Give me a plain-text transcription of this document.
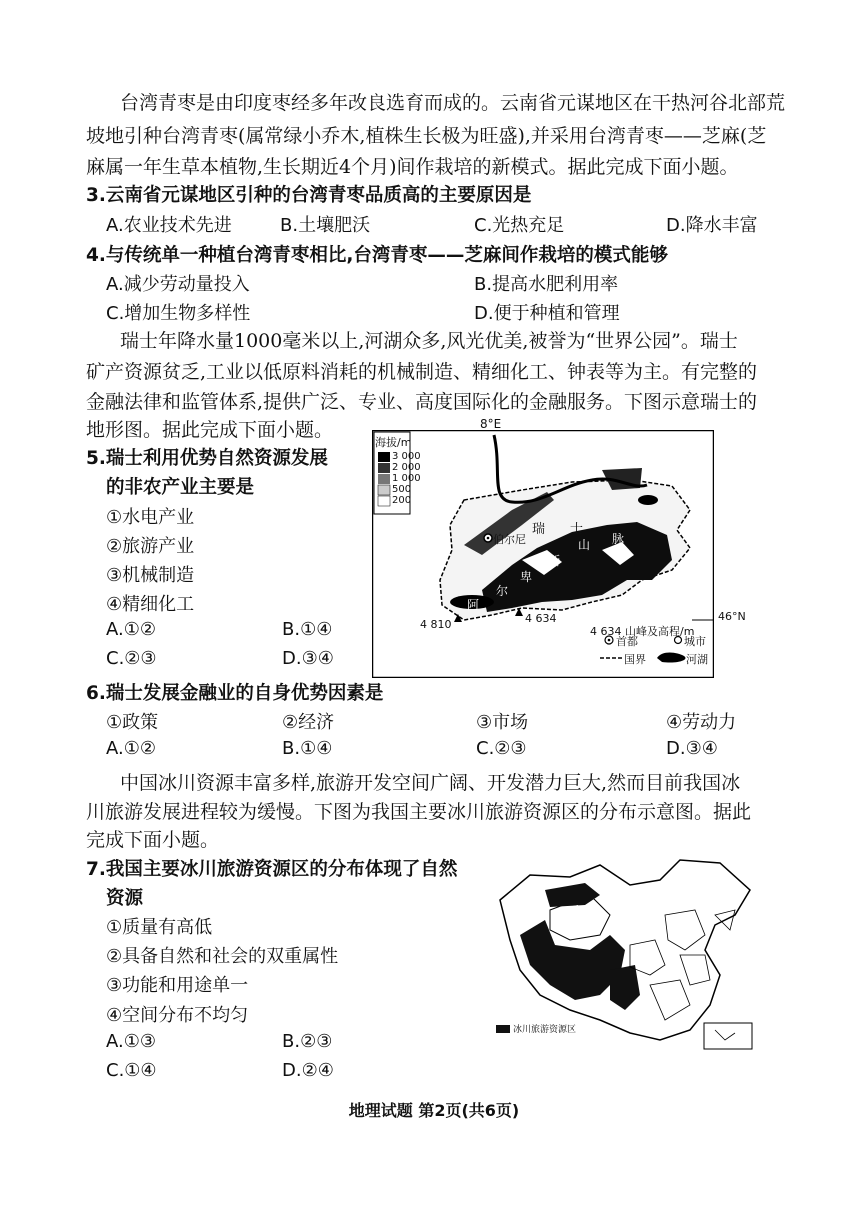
台湾青枣是由印度枣经多年改良选育而成的。云南省元谋地区在干热河谷北部荒
坡地引种台湾青枣(属常绿小乔木,植株生长极为旺盛),并采用台湾青枣——芝麻(芝
麻属一年生草本植物,生长期近4个月)间作栽培的新模式。据此完成下面小题。
3.云南省元谋地区引种的台湾青枣品质高的主要原因是
A.农业技术先进	B.土壤肥沃	C.光热充足	D.降水丰富
4.与传统单一种植台湾青枣相比,台湾青枣——芝麻间作栽培的模式能够
A.减少劳动量投入	B.提高水肥利用率
C.增加生物多样性	D.便于种植和管理
瑞士年降水量1000毫米以上,河湖众多,风光优美,被誉为“世界公园”。瑞士
矿产资源贫乏,工业以低原料消耗的机械制造、精细化工、钟表等为主。有完整的
金融法律和监管体系,提供广泛、专业、高度国际化的金融服务。下图示意瑞士的
地形图。据此完成下面小题。
5.瑞士利用优势自然资源发展
的非农产业主要是
①水电产业
②旅游产业
③机械制造
④精细化工
A.①②	B.①④
C.②③	D.③④
8°E
海拔/m
3 000
2 000
1 000
500
200
4 810	4 634	46°N
4 634 山峰及高程/m
首都	城市
国界	河湖
瑞 士
伯尔尼
阿
尔
卑
斯
山 脉
6.瑞士发展金融业的自身优势因素是
①政策	②经济	③市场	④劳动力
A.①②	B.①④	C.②③	D.③④
中国冰川资源丰富多样,旅游开发空间广阔、开发潜力巨大,然而目前我国冰
川旅游发展进程较为缓慢。下图为我国主要冰川旅游资源区的分布示意图。据此
完成下面小题。
7.我国主要冰川旅游资源区的分布体现了自然
资源
①质量有高低
②具备自然和社会的双重属性
③功能和用途单一
④空间分布不均匀
A.①③	B.②③
C.①④	D.②④
冰川旅游资源区
地理试题 第2页(共6页)
